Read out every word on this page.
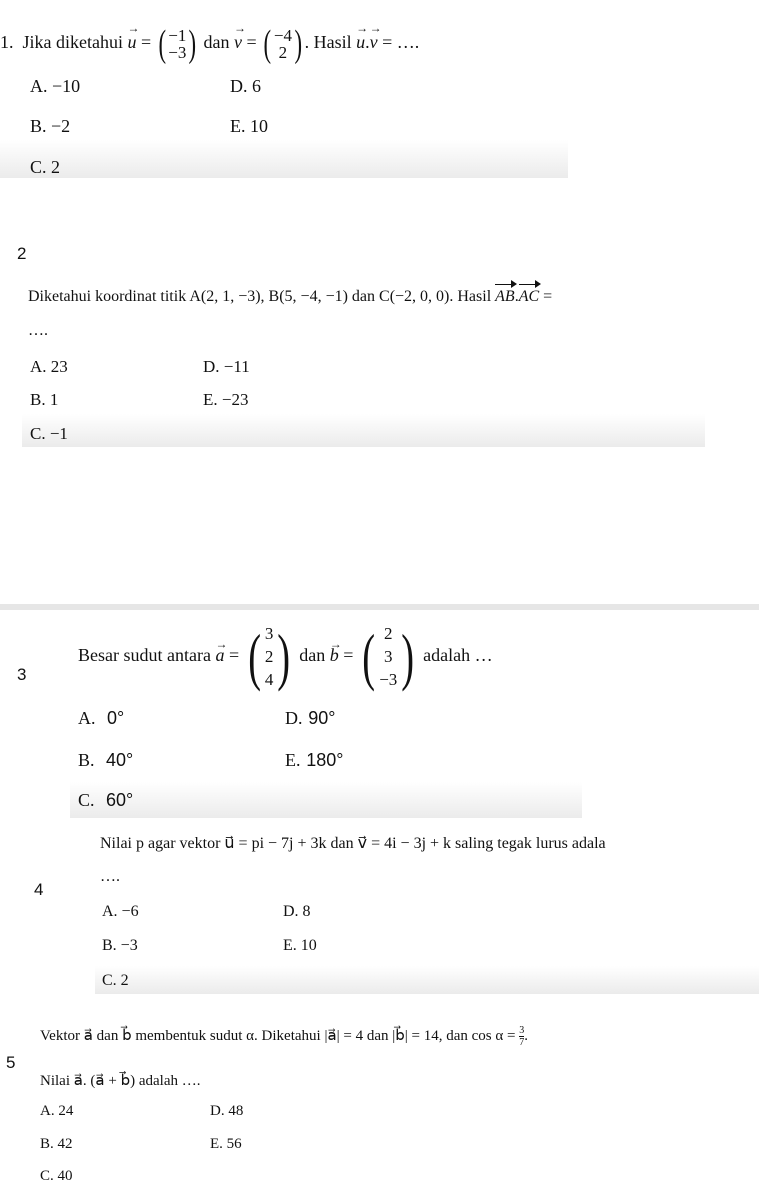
1. Jika diketahui → u = ( −1
−3 ) dan → v = ( −4
2 ) . Hasil → u.→ v = ….
A. −10	D. 6
B. −2	E. 10
C. 2
2
Diketahui koordinat titik A(2, 1, −3), B(5, −4, −1) dan C(−2, 0, 0). Hasil AB.AC =
….
A. 23	D. −11
B. 1	E. −23
C. −1
3
Besar sudut antara → a = ( 3
2
4 ) dan → b = ( 2
3
−3 ) adalah …
A. 0°	D. 90°
B. 40°	E. 180°
C. 60°
4
Nilai p agar vektor u⃗ = pi − 7j + 3k dan v⃗ = 4i − 3j + k saling tegak lurus adala
….
A. −6	D. 8
B. −3	E. 10
C. 2
5
Vektor a⃗ dan b⃗ membentuk sudut α. Diketahui |a⃗| = 4 dan |b⃗| = 14, dan $\cos \alpha = \frac{3}{7}$ .
Nilai a⃗. (a⃗ + b⃗) adalah ….
A. 24	D. 48
B. 42	E. 56
C. 40
